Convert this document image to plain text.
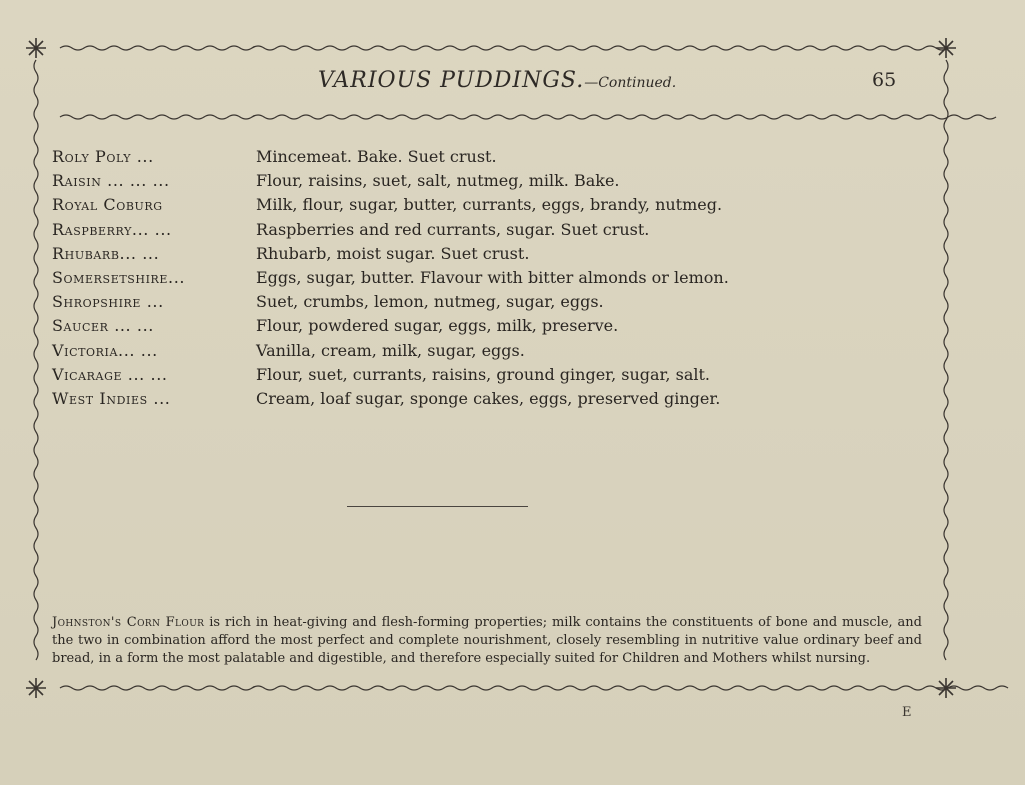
VARIOUS PUDDINGS.—Continued.	65
Roly Poly ...	Mincemeat. Bake. Suet crust.
Raisin ... ... ...	Flour, raisins, suet, salt, nutmeg, milk. Bake.
Royal Coburg	Milk, flour, sugar, butter, currants, eggs, brandy, nutmeg.
Raspberry... ...	Raspberries and red currants, sugar. Suet crust.
Rhubarb... ...	Rhubarb, moist sugar. Suet crust.
Somersetshire...	Eggs, sugar, butter. Flavour with bitter almonds or lemon.
Shropshire ...	Suet, crumbs, lemon, nutmeg, sugar, eggs.
Saucer ... ...	Flour, powdered sugar, eggs, milk, preserve.
Victoria... ...	Vanilla, cream, milk, sugar, eggs.
Vicarage ... ...	Flour, suet, currants, raisins, ground ginger, sugar, salt.
West Indies ...	Cream, loaf sugar, sponge cakes, eggs, preserved ginger.

Johnston's Corn Flour is rich in heat-giving and flesh-forming properties; milk contains the constituents of bone and muscle, and the two in combination afford the most perfect and complete nourishment, closely resembling in nutritive value ordinary beef and bread, in a form the most palatable and digestible, and therefore especially suited for Children and Mothers whilst nursing.

E
